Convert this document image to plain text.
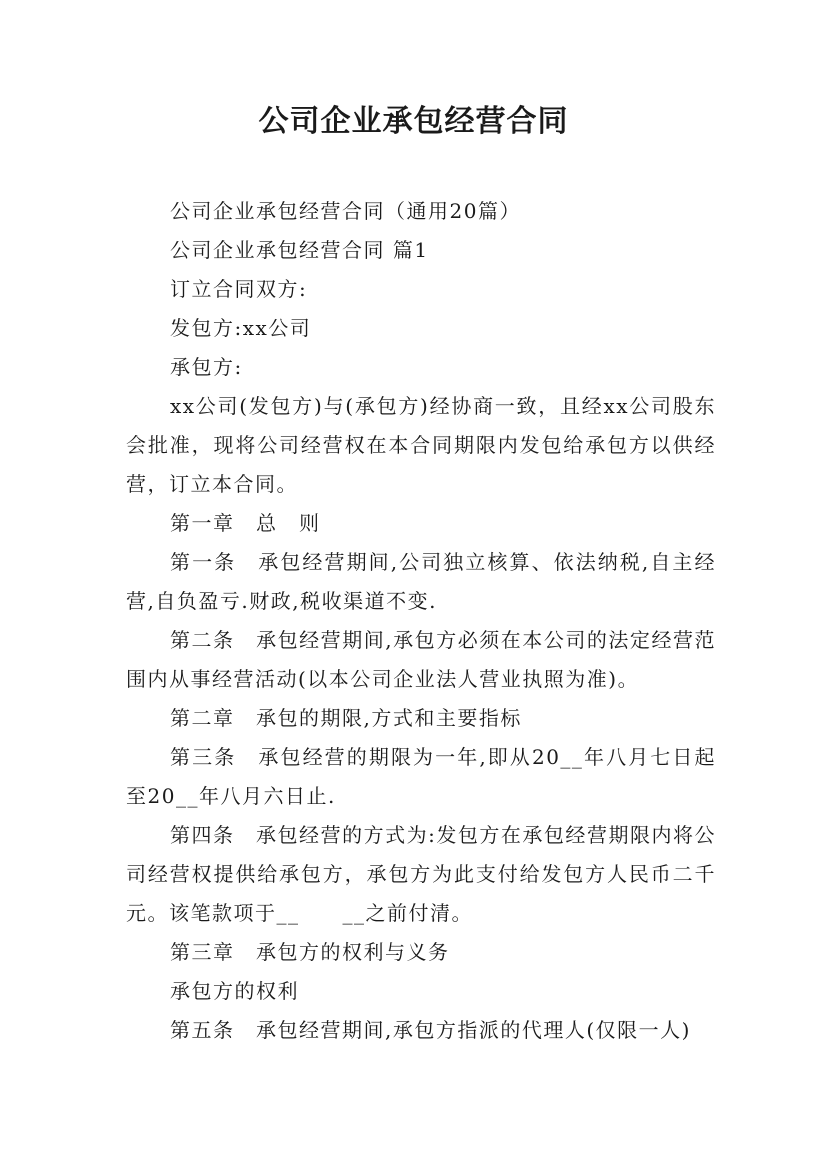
公司企业承包经营合同

公司企业承包经营合同（通用20篇）

公司企业承包经营合同 篇1

订立合同双方:

发包方:xx公司

承包方:

xx公司(发包方)与(承包方)经协商一致，且经xx公司股东会批准，现将公司经营权在本合同期限内发包给承包方以供经营，订立本合同。

第一章　总　则

第一条　承包经营期间,公司独立核算、依法纳税,自主经营,自负盈亏.财政,税收渠道不变.

第二条　承包经营期间,承包方必须在本公司的法定经营范围内从事经营活动(以本公司企业法人营业执照为准)。

第二章　承包的期限,方式和主要指标

第三条　承包经营的期限为一年,即从20__年八月七日起至20__年八月六日止.

第四条　承包经营的方式为:发包方在承包经营期限内将公司经营权提供给承包方，承包方为此支付给发包方人民币二千元。该笔款项于__　　__之前付清。

第三章　承包方的权利与义务

承包方的权利

第五条　承包经营期间,承包方指派的代理人(仅限一人)
